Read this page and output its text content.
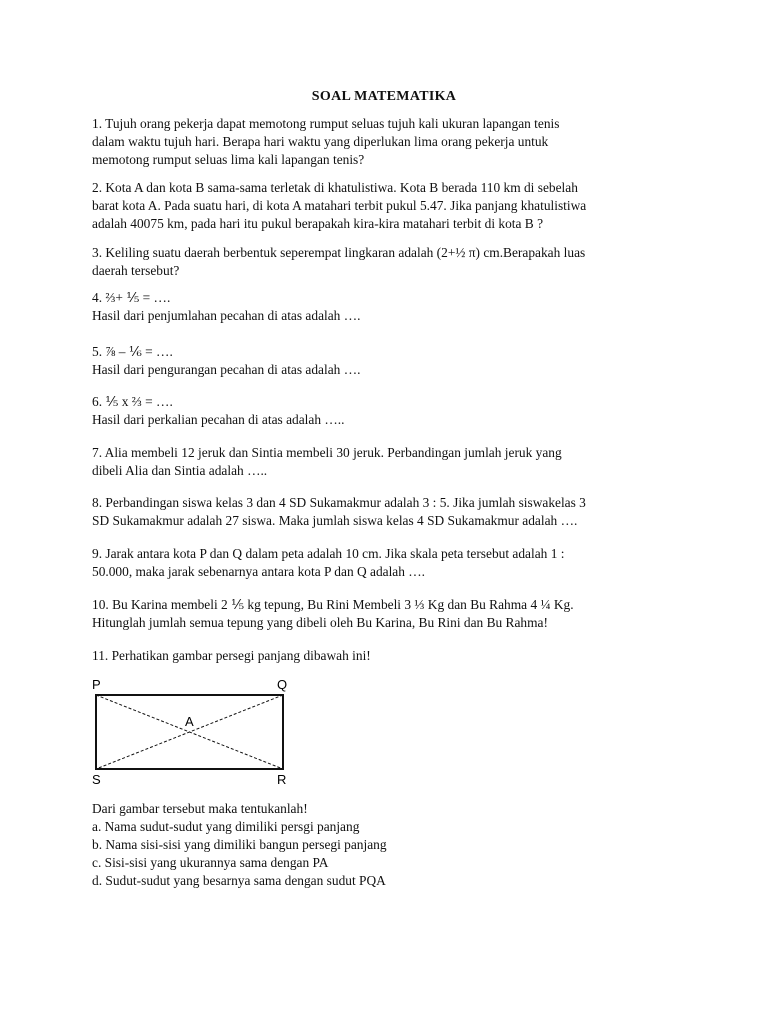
SOAL MATEMATIKA
1. Tujuh orang pekerja dapat memotong rumput seluas tujuh kali ukuran lapangan tenis
dalam waktu tujuh hari. Berapa hari waktu yang diperlukan lima orang pekerja untuk
memotong rumput seluas lima kali lapangan tenis?
2. Kota A dan kota B sama-sama terletak di khatulistiwa. Kota B berada 110 km di sebelah
barat kota A. Pada suatu hari, di kota A matahari terbit pukul 5.47. Jika panjang khatulistiwa
adalah 40075 km, pada hari itu pukul berapakah kira-kira matahari terbit di kota B ?
3. Keliling suatu daerah berbentuk seperempat lingkaran adalah (2+½ π) cm.Berapakah luas
daerah tersebut?
4. ⅔+ ⅕ = ….
Hasil dari penjumlahan pecahan di atas adalah ….
5. ⅞ – ⅙ = ….
Hasil dari pengurangan pecahan di atas adalah ….
6. ⅕ x ⅔ = ….
Hasil dari perkalian pecahan di atas adalah …..
7. Alia membeli 12 jeruk dan Sintia membeli 30 jeruk. Perbandingan jumlah jeruk yang
dibeli Alia dan Sintia adalah …..
8. Perbandingan siswa kelas 3 dan 4 SD Sukamakmur adalah 3 : 5. Jika jumlah siswakelas 3
SD Sukamakmur adalah 27 siswa. Maka jumlah siswa kelas 4 SD Sukamakmur adalah ….
9. Jarak antara kota P dan Q dalam peta adalah 10 cm. Jika skala peta tersebut adalah 1 :
50.000, maka jarak sebenarnya antara kota P dan Q adalah ….
10. Bu Karina membeli 2 ⅕ kg tepung, Bu Rini Membeli 3 ⅓ Kg dan Bu Rahma 4 ¼ Kg.
Hitunglah jumlah semua tepung yang dibeli oleh Bu Karina, Bu Rini dan Bu Rahma!
11. Perhatikan gambar persegi panjang dibawah ini!
P	Q
A
S	R
Dari gambar tersebut maka tentukanlah!
a. Nama sudut-sudut yang dimiliki persgi panjang
b. Nama sisi-sisi yang dimiliki bangun persegi panjang
c. Sisi-sisi yang ukurannya sama dengan PA
d. Sudut-sudut yang besarnya sama dengan sudut PQA
